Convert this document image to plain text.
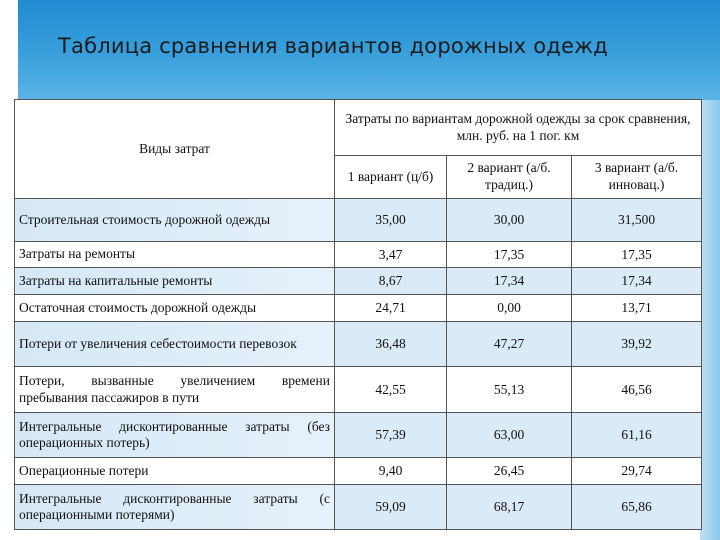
Таблица сравнения вариантов дорожных одежд
Виды затрат	Затраты по вариантам дорожной одежды за срок сравнения, млн. руб. на 1 пог. км		
	1 вариант (ц/б)	2 вариант (а/б. традиц.)	3 вариант (а/б. инновац.)
Строительная стоимость дорожной одежды	35,00	30,00	31,500
Затраты на ремонты	3,47	17,35	17,35
Затраты на капитальные ремонты	8,67	17,34	17,34
Остаточная стоимость дорожной одежды	24,71	0,00	13,71
Потери от увеличения себестоимости перевозок	36,48	47,27	39,92
Потери, вызванные увеличением времени пребывания пассажиров в пути	42,55	55,13	46,56
Интегральные дисконтированные затраты (без операционных потерь)	57,39	63,00	61,16
Операционные потери	9,40	26,45	29,74
Интегральные дисконтированные затраты (с операционными потерями)	59,09	68,17	65,86
